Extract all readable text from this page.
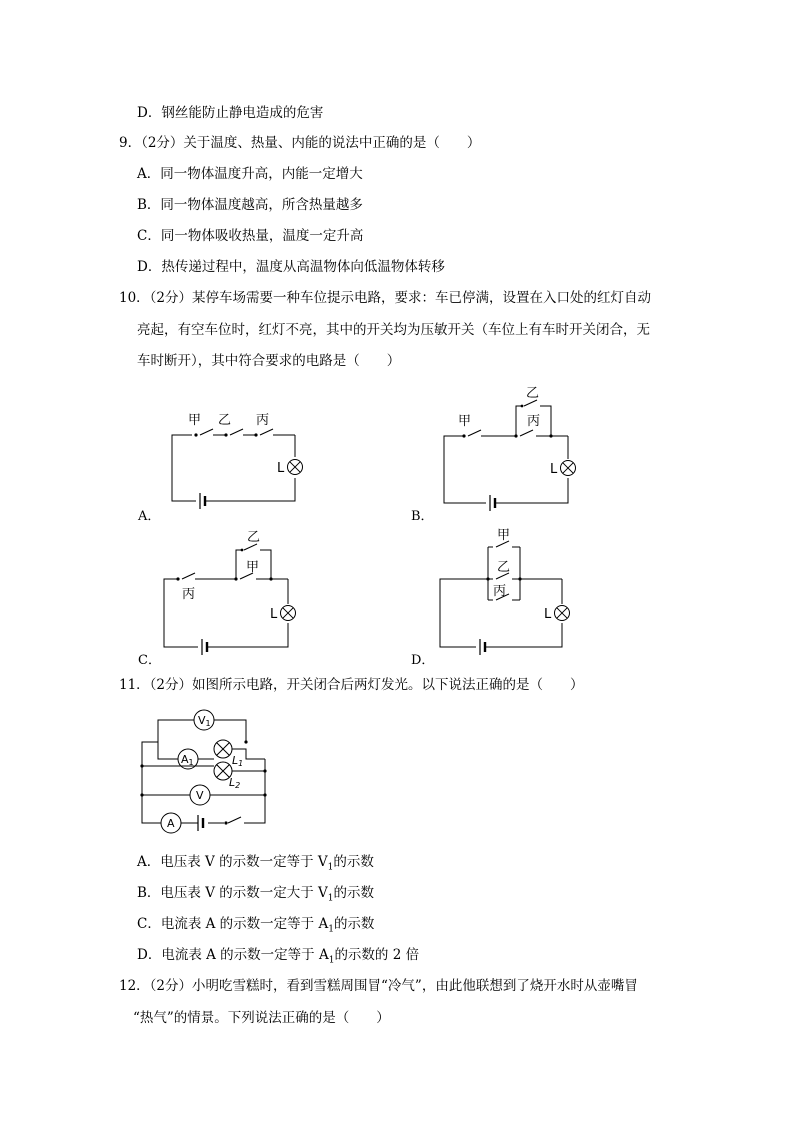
D．钢丝能防止静电造成的危害
9．（2分）关于温度、热量、内能的说法中正确的是（　　）
A．同一物体温度升高，内能一定增大
B．同一物体温度越高，所含热量越多
C．同一物体吸收热量，温度一定升高
D．热传递过程中，温度从高温物体向低温物体转移
10．（2分）某停车场需要一种车位提示电路，要求：车已停满，设置在入口处的红灯自动
亮起，有空车位时，红灯不亮，其中的开关均为压敏开关（车位上有车时开关闭合，无
车时断开），其中符合要求的电路是（　　）
甲 乙 丙
L
A．
甲
乙
丙
L
B．
乙
甲
丙
L
C．
甲
乙
丙
L
D．
11．（2分）如图所示电路，开关闭合后两灯发光。以下说法正确的是（　　）
V1
A1	L1
L2
V
A
A．电压表 V 的示数一定等于 $V_1$的示数
B．电压表 V 的示数一定大于 $V_1$的示数
C．电流表 A 的示数一定等于 $A_1$的示数
D．电流表 A 的示数一定等于 $A_1$的示数的 2 倍
12．（2分）小明吃雪糕时，看到雪糕周围冒“冷气”，由此他联想到了烧开水时从壶嘴冒
“热气”的情景。下列说法正确的是（　　）
